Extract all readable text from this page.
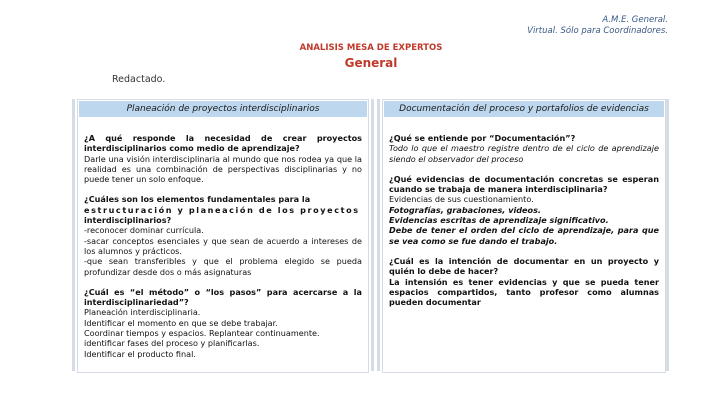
A.M.E. General.
Virtual. Sólo para Coordinadores.
ANALISIS MESA DE EXPERTOS
General
Redactado.
Planeación de proyectos interdisciplinarios
¿A qué responde la necesidad de crear proyectos interdisciplinarios como medio de aprendizaje?
Darle una visión interdisciplinaria al mundo que nos rodea ya que la realidad es una combinación de perspectivas disciplinarias y no puede tener un solo enfoque.
¿Cuáles son los elementos fundamentales para la
estructuración y planeación de los proyectos
interdisciplinarios?
-reconocer dominar currícula.
-sacar conceptos esenciales y que sean de acuerdo a intereses de los alumnos y prácticos.
-que sean transferibles y que el problema elegido se pueda profundizar desde dos o más asignaturas
¿Cuál es “el método” o “los pasos” para acercarse a la interdisciplinariedad”?
Planeación interdisciplinaria.
Identificar el momento en que se debe trabajar.
Coordinar tiempos y espacios. Replantear continuamente.
identificar fases del proceso y planificarlas.
Identificar el producto final.
Documentación del proceso y portafolios de evidencias
¿Qué se entiende por “Documentación”?
Todo lo que el maestro registre dentro de el ciclo de aprendizaje siendo el observador del proceso
¿Qué evidencias de documentación concretas se esperan cuando se trabaja de manera interdisciplinaria?
Evidencias de sus cuestionamiento.
Fotografías, grabaciones, videos.
Evidencias escritas de aprendizaje significativo.
Debe de tener el orden del ciclo de aprendizaje, para que se vea como se fue dando el trabajo.
¿Cuál es la intención de documentar en un proyecto y quién lo debe de hacer?
La intensión es tener evidencias y que se pueda tener espacios compartidos, tanto profesor como alumnas pueden documentar
